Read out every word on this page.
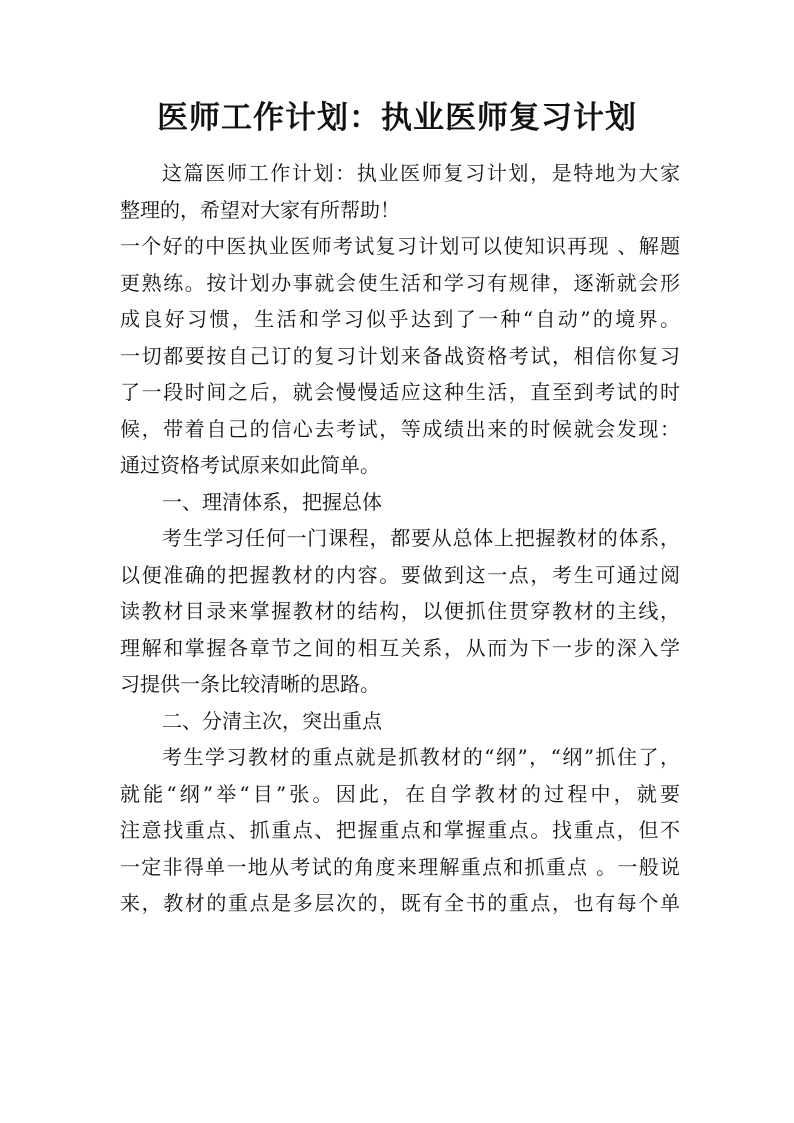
医师工作计划：执业医师复习计划
这篇医师工作计划：执业医师复习计划，是特地为大家
整理的，希望对大家有所帮助！
一个好的中医执业医师考试复习计划可以使知识再现 、解题
更熟练。按计划办事就会使生活和学习有规律，逐渐就会形
成良好习惯，生活和学习似乎达到了一种“自动”的境界。
一切都要按自己订的复习计划来备战资格考试，相信你复习
了一段时间之后，就会慢慢适应这种生活，直至到考试的时
候，带着自己的信心去考试，等成绩出来的时候就会发现：
通过资格考试原来如此简单。
一、理清体系，把握总体
考生学习任何一门课程，都要从总体上把握教材的体系，
以便准确的把握教材的内容。要做到这一点，考生可通过阅
读教材目录来掌握教材的结构，以便抓住贯穿教材的主线，
理解和掌握各章节之间的相互关系，从而为下一步的深入学
习提供一条比较清晰的思路。
二、分清主次，突出重点
考生学习教材的重点就是抓教材的“纲”，“纲”抓住了，
就能“纲”举“目”张。因此，在自学教材的过程中，就要
注意找重点、抓重点、把握重点和掌握重点。找重点，但不
一定非得单一地从考试的角度来理解重点和抓重点 。一般说
来，教材的重点是多层次的，既有全书的重点，也有每个单
